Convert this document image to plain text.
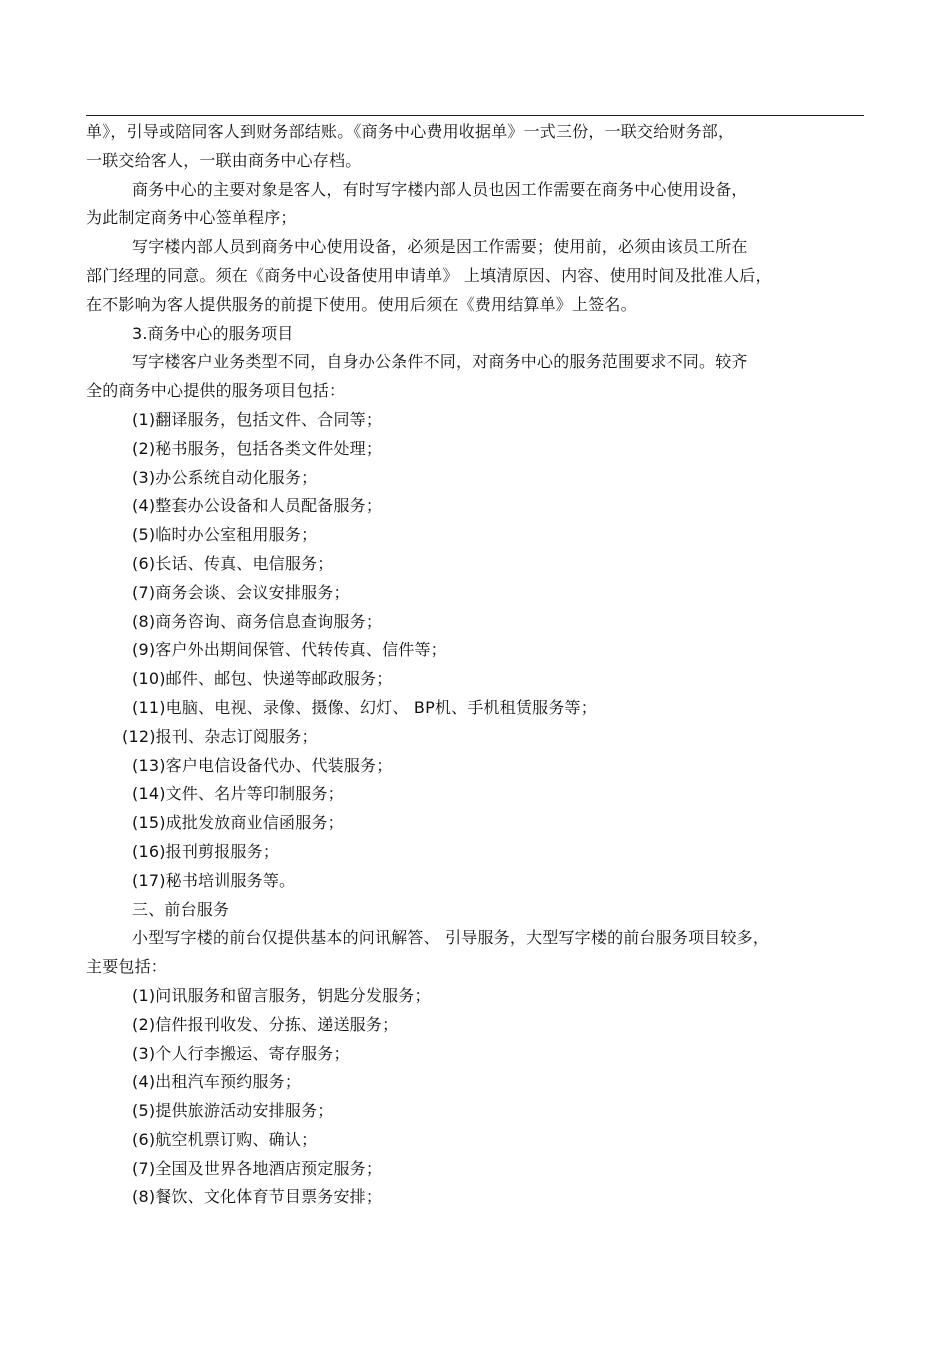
单》，引导或陪同客人到财务部结账。《商务中心费用收据单》一式三份，一联交给财务部，
一联交给客人，一联由商务中心存档。
商务中心的主要对象是客人，有时写字楼内部人员也因工作需要在商务中心使用设备，
为此制定商务中心签单程序；
写字楼内部人员到商务中心使用设备，必须是因工作需要；使用前，必须由该员工所在
部门经理的同意。须在《商务中心设备使用申请单》 上填清原因、内容、使用时间及批准人后，
在不影响为客人提供服务的前提下使用。使用后须在《费用结算单》上签名。
3.商务中心的服务项目
写字楼客户业务类型不同，自身办公条件不同，对商务中心的服务范围要求不同。较齐
全的商务中心提供的服务项目包括：
(1)翻译服务，包括文件、合同等；
(2)秘书服务，包括各类文件处理；
(3)办公系统自动化服务；
(4)整套办公设备和人员配备服务；
(5)临时办公室租用服务；
(6)长话、传真、电信服务；
(7)商务会谈、会议安排服务；
(8)商务咨询、商务信息查询服务；
(9)客户外出期间保管、代转传真、信件等；
(10)邮件、邮包、快递等邮政服务；
(11)电脑、电视、录像、摄像、幻灯、 BP机、手机租赁服务等；
(12)报刊、杂志订阅服务；
(13)客户电信设备代办、代装服务；
(14)文件、名片等印制服务；
(15)成批发放商业信函服务；
(16)报刊剪报服务；
(17)秘书培训服务等。
三、前台服务
小型写字楼的前台仅提供基本的问讯解答、 引导服务，大型写字楼的前台服务项目较多，
主要包括：
(1)问讯服务和留言服务，钥匙分发服务；
(2)信件报刊收发、分拣、递送服务；
(3)个人行李搬运、寄存服务；
(4)出租汽车预约服务；
(5)提供旅游活动安排服务；
(6)航空机票订购、确认；
(7)全国及世界各地酒店预定服务；
(8)餐饮、文化体育节目票务安排；
